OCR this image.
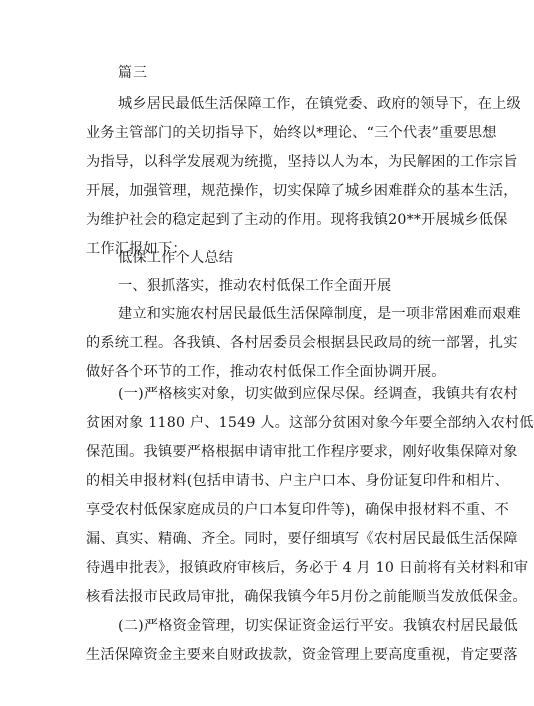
篇三
城乡居民最低生活保障工作，在镇党委、政府的领导下，在上级
业务主管部门的关切指导下，始终以*理论、“三个代表”重要思想
为指导，以科学发展观为统揽，坚持以人为本，为民解困的工作宗旨
开展，加强管理，规范操作，切实保障了城乡困难群众的基本生活，
为维护社会的稳定起到了主动的作用。现将我镇20**开展城乡低保
工作汇报如下：
低保工作个人总结
一、狠抓落实，推动农村低保工作全面开展
建立和实施农村居民最低生活保障制度，是一项非常困难而艰难
的系统工程。各我镇、各村居委员会根据县民政局的统一部署，扎实
做好各个环节的工作，推动农村低保工作全面协调开展。
(一)严格核实对象，切实做到应保尽保。经调查，我镇共有农村
贫困对象 1180 户、1549 人。这部分贫困对象今年要全部纳入农村低
保范围。我镇要严格根据申请审批工作程序要求，刚好收集保障对象
的相关申报材料(包括申请书、户主户口本、身份证复印件和相片、
享受农村低保家庭成员的户口本复印件等)，确保申报材料不重、不
漏、真实、精确、齐全。同时，要仔细填写《农村居民最低生活保障
待遇申批表》，报镇政府审核后，务必于 4 月 10 日前将有关材料和审
核看法报市民政局审批，确保我镇今年5月份之前能顺当发放低保金。
(二)严格资金管理，切实保证资金运行平安。我镇农村居民最低
生活保障资金主要来自财政拔款，资金管理上要高度重视，肯定要落
